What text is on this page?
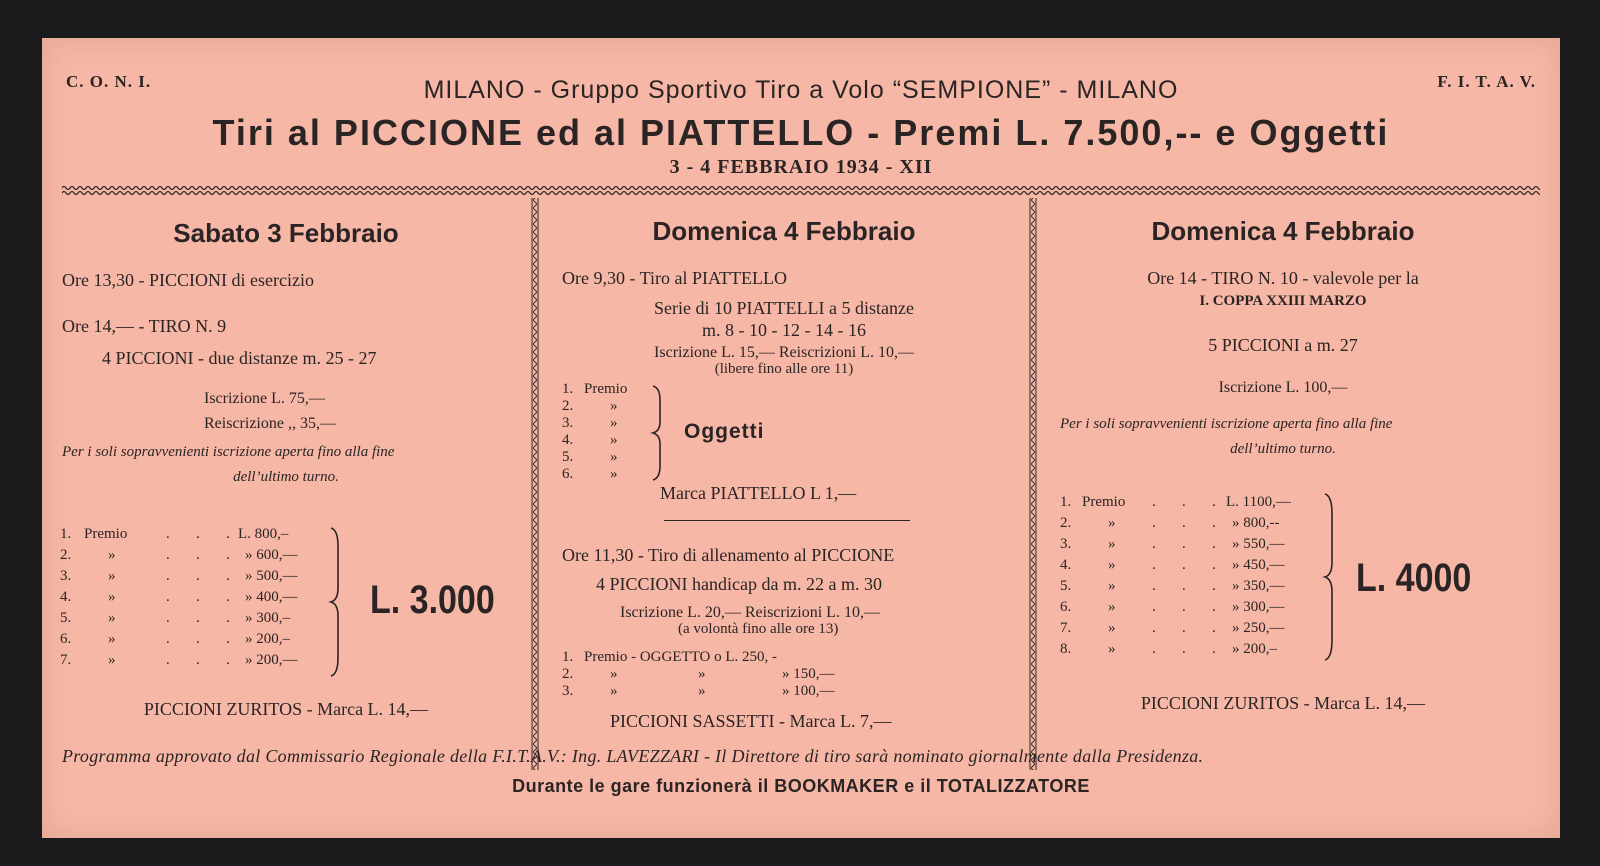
C. O. N. I.	F. I. T. A. V.
MILANO - Gruppo Sportivo Tiro a Volo “SEMPIONE” - MILANO
Tiri al PICCIONE ed al PIATTELLO - Premi L. 7.500,-- e Oggetti
3 - 4 FEBBRAIO 1934 - XII
Sabato 3 Febbraio
Ore 13,30 - PICCIONI di esercizio
Ore 14,— - TIRO N. 9
4 PICCIONI - due distanze m. 25 - 27
Iscrizione L. 75,—
Reiscrizione ,, 35,—
Per i soli sopravvenienti iscrizione aperta fino alla fine
dell’ultimo turno.
L. 3.000
PICCIONI ZURITOS - Marca L. 14,—
Domenica 4 Febbraio
Ore 9,30 - Tiro al PIATTELLO
Serie di 10 PIATTELLI a 5 distanze
m. 8 - 10 - 12 - 14 - 16
Iscrizione L. 15,— Reiscrizioni L. 10,—
(libere fino alle ore 11)
Oggetti
Marca PIATTELLO L 1,—
Ore 11,30 - Tiro di allenamento al PICCIONE
4 PICCIONI handicap da m. 22 a m. 30
Iscrizione L. 20,— Reiscrizioni L. 10,—
(a volontà fino alle ore 13)
PICCIONI SASSETTI - Marca L. 7,—
Domenica 4 Febbraio
Ore 14 - TIRO N. 10 - valevole per la
I. COPPA XXIII MARZO
5 PICCIONI a m. 27
Iscrizione L. 100,—
Per i soli sopravvenienti iscrizione aperta fino alla fine
dell’ultimo turno.
L. 4000
PICCIONI ZURITOS - Marca L. 14,—
Programma approvato dal Commissario Regionale della F.I.T.A.V.: Ing. LAVEZZARI - Il Direttore di tiro sarà nominato giornalmente dalla Presidenza.
Durante le gare funzionerà il BOOKMAKER e il TOTALIZZATORE
1. Premio	. . . L. 800,–
2. »	. . . » 600,—
3. »	. . . » 500,—
4. »	. . . » 400,—
5. »	. . . » 300,–
6. »	. . . » 200,–
7. »	. . . » 200,—
1. Premio
2. »
3. »
4. »
5. »
6. »
1. Premio - OGGETTO o L. 250, -
2. »	»	» 150,—
3. »	»	» 100,—
1. Premio . . . L. 1100,—
2. » . . . » 800,--
3. » . . . » 550,—
4. » . . . » 450,—
5. » . . . » 350,—
6. » . . . » 300,—
7. » . . . » 250,—
8. » . . . » 200,–
